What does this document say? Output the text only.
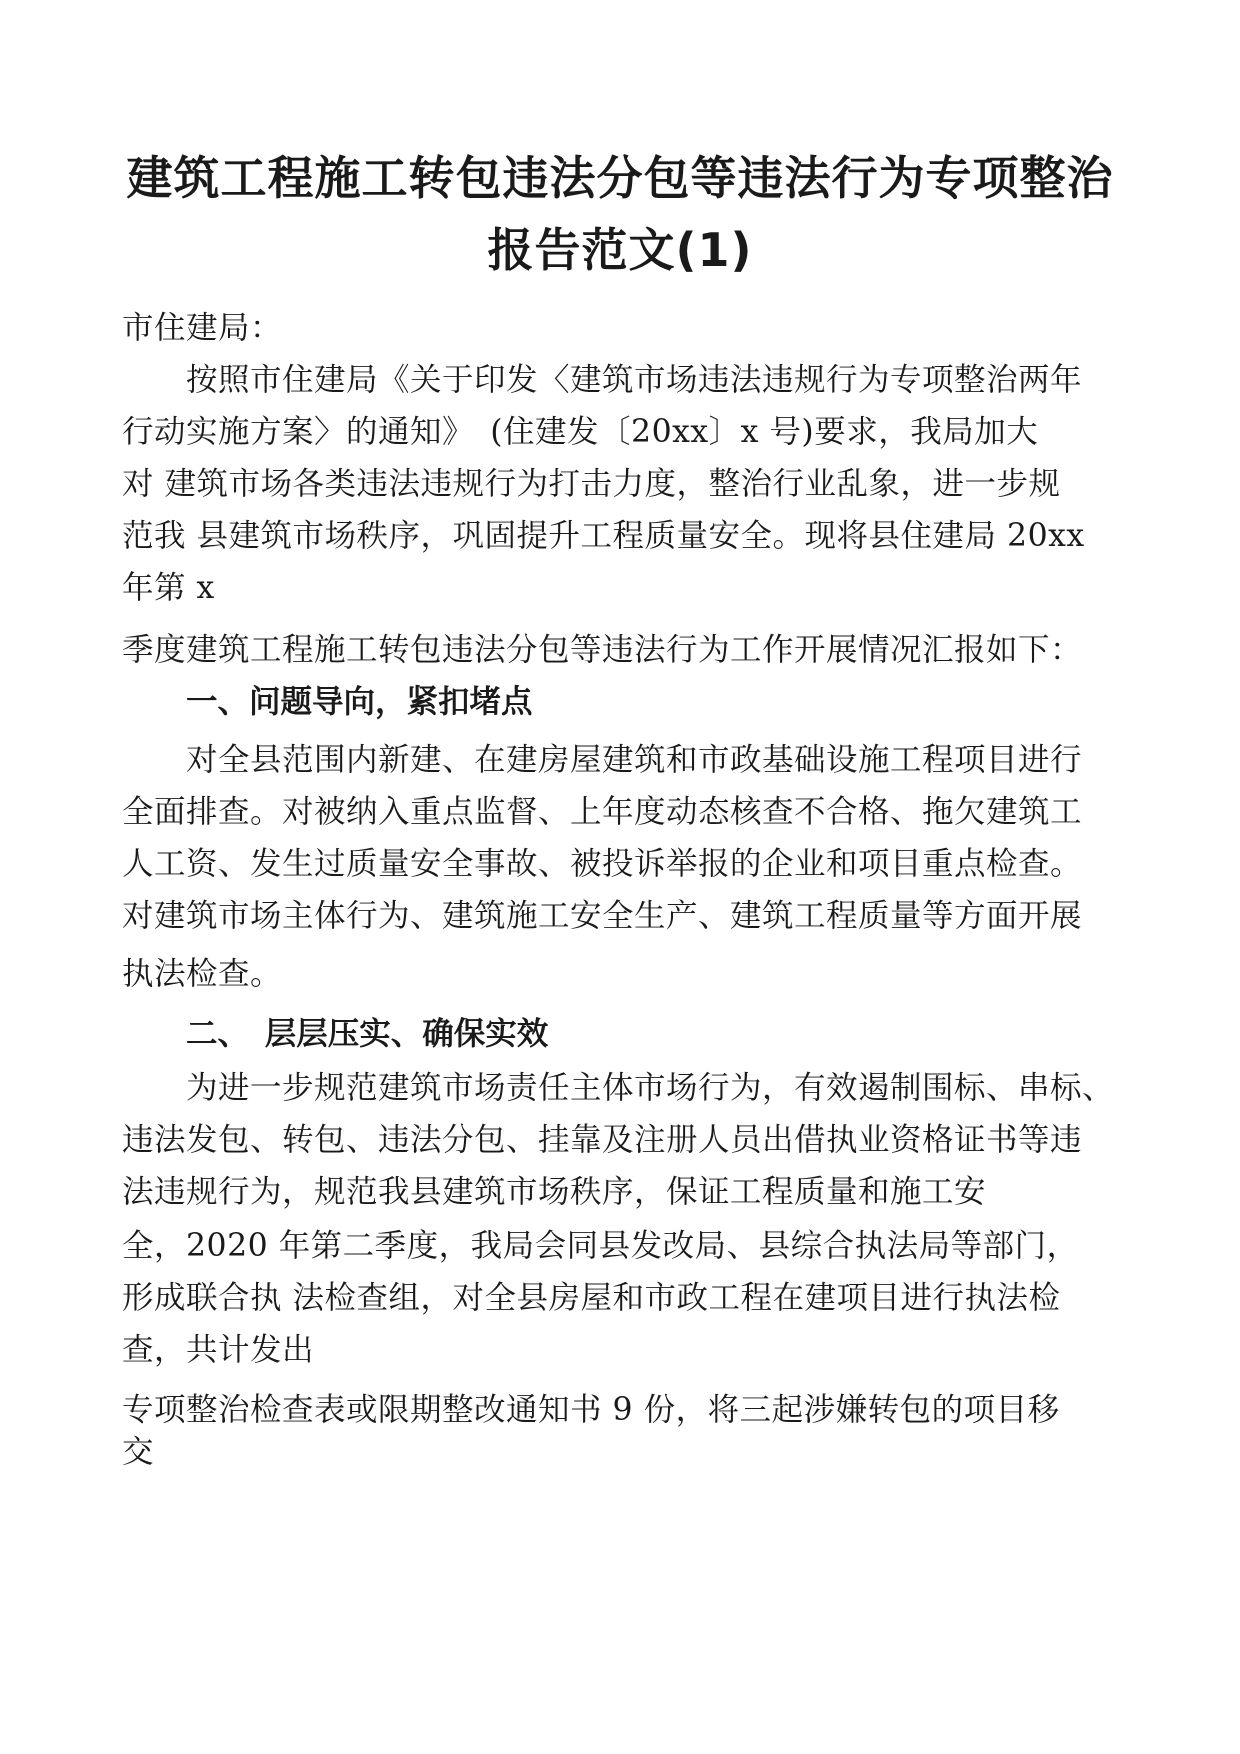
建筑工程施工转包违法分包等违法行为专项整治
报告范文(1)
市住建局：
按照市住建局《关于印发〈建筑市场违法违规行为专项整治两年
行动实施方案〉的通知》　(住建发〔20xx〕x 号)要求，我局加大
对 建筑市场各类违法违规行为打击力度，整治行业乱象，进一步规
范我 县建筑市场秩序，巩固提升工程质量安全。现将县住建局 20xx
年第 x
季度建筑工程施工转包违法分包等违法行为工作开展情况汇报如下：
一、问题导向，紧扣堵点
对全县范围内新建、在建房屋建筑和市政基础设施工程项目进行
全面排查。对被纳入重点监督、上年度动态核查不合格、拖欠建筑工
人工资、发生过质量安全事故、被投诉举报的企业和项目重点检查。
对建筑市场主体行为、建筑施工安全生产、建筑工程质量等方面开展
执法检查。
二、　层层压实、确保实效
为进一步规范建筑市场责任主体市场行为，有效遏制围标、串标、
违法发包、转包、违法分包、挂靠及注册人员出借执业资格证书等违
法违规行为，规范我县建筑市场秩序，保证工程质量和施工安
全，2020 年第二季度，我局会同县发改局、县综合执法局等部门，
形成联合执 法检查组，对全县房屋和市政工程在建项目进行执法检
查，共计发出
专项整治检查表或限期整改通知书 9 份，将三起涉嫌转包的项目移
交
